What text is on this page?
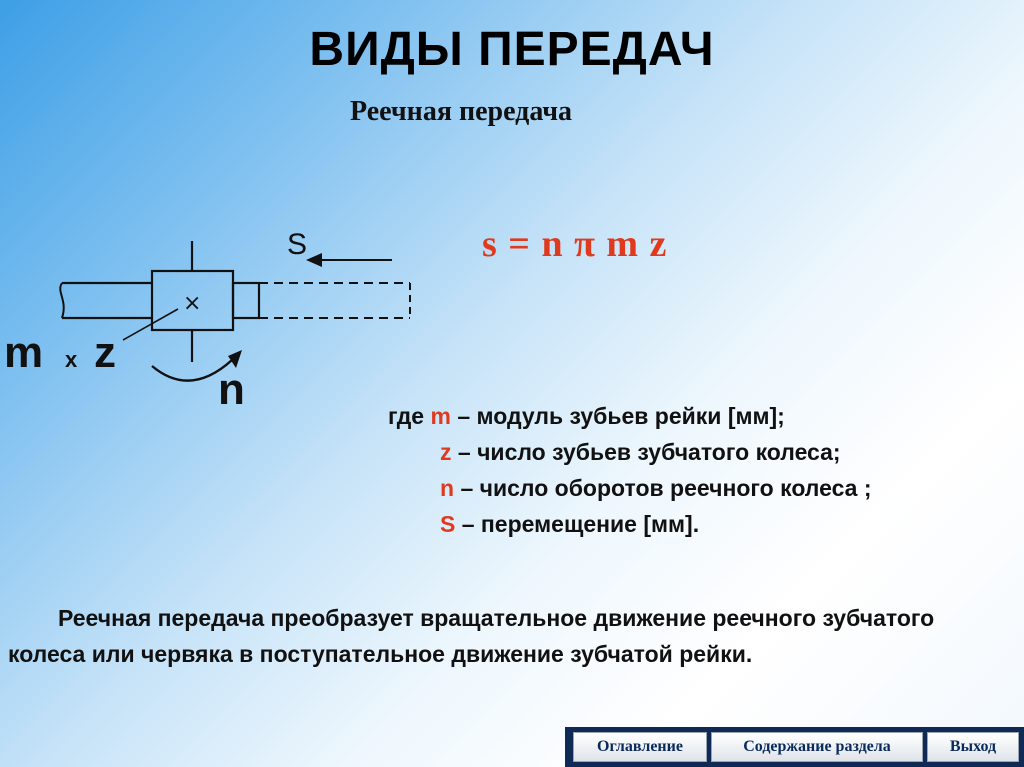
ВИДЫ ПЕРЕДАЧ
Реечная передача
s = n π m z
×
S
m x z
n
где m – модуль зубьев рейки [мм];
z – число зубьев зубчатого колеса;
n – число оборотов реечного колеса ;
S – перемещение [мм].
Реечная передача преобразует вращательное движение реечного зубчатого колеса или червяка в поступательное движение зубчатой рейки.
Оглавление	Содержание раздела	Выход
